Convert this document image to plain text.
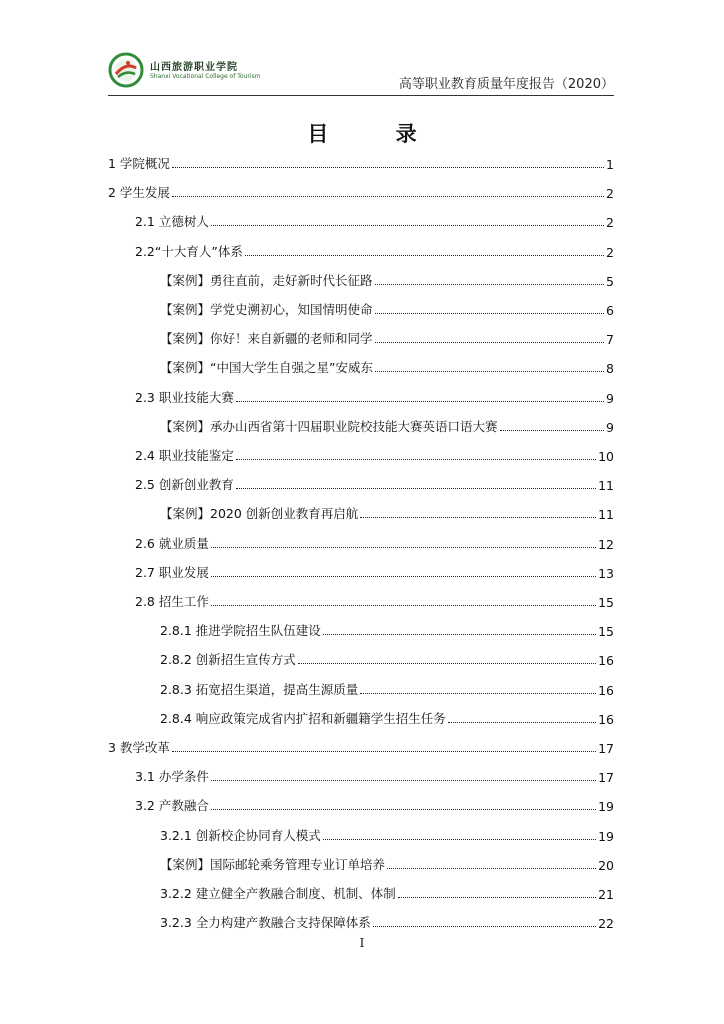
山西旅游职业学院
Shanxi Vocational College of Tourism
高等职业教育质量年度报告（2020）
目 录
1 学院概况	1
2 学生发展	2
2.1 立德树人	2
2.2“十大育人”体系	2
【案例】勇往直前，走好新时代长征路	5
【案例】学党史溯初心，知国情明使命	6
【案例】你好！来自新疆的老师和同学	7
【案例】“中国大学生自强之星”安威东	8
2.3 职业技能大赛	9
【案例】承办山西省第十四届职业院校技能大赛英语口语大赛	9
2.4 职业技能鉴定	10
2.5 创新创业教育	11
【案例】2020 创新创业教育再启航	11
2.6 就业质量	12
2.7 职业发展	13
2.8 招生工作	15
2.8.1 推进学院招生队伍建设	15
2.8.2 创新招生宣传方式	16
2.8.3 拓宽招生渠道，提高生源质量	16
2.8.4 响应政策完成省内扩招和新疆籍学生招生任务	16
3 教学改革	17
3.1 办学条件	17
3.2 产教融合	19
3.2.1 创新校企协同育人模式	19
【案例】国际邮轮乘务管理专业订单培养	20
3.2.2 建立健全产教融合制度、机制、体制	21
3.2.3 全力构建产教融合支持保障体系	22
I
